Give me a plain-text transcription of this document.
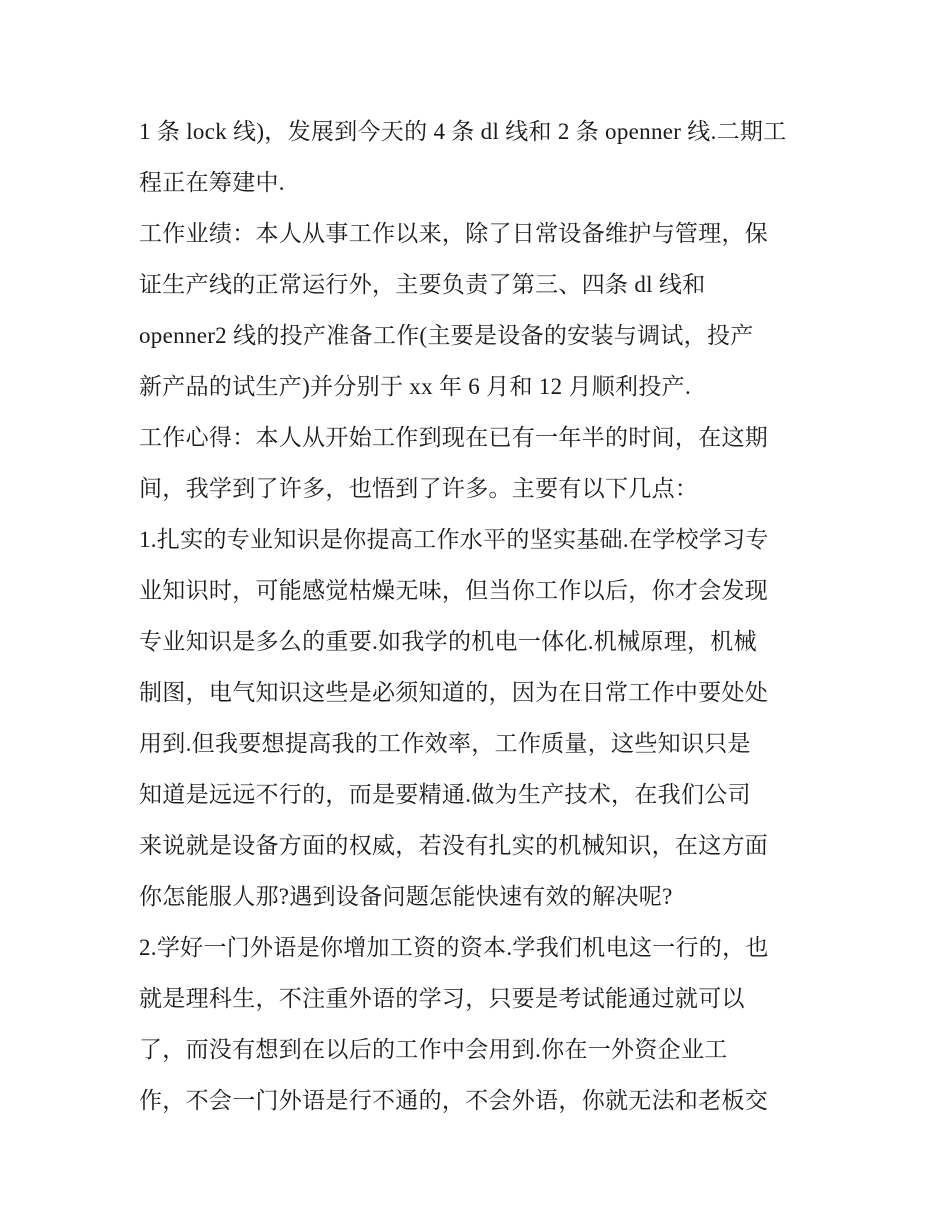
1 条 lock 线)，发展到今天的 4 条 dl 线和 2 条 openner 线.二期工
程正在筹建中.
工作业绩：本人从事工作以来，除了日常设备维护与管理，保
证生产线的正常运行外，主要负责了第三、四条 dl 线和
openner2 线的投产准备工作(主要是设备的安装与调试，投产
新产品的试生产)并分别于 xx 年 6 月和 12 月顺利投产.
工作心得：本人从开始工作到现在已有一年半的时间，在这期
间，我学到了许多，也悟到了许多。主要有以下几点：
1.扎实的专业知识是你提高工作水平的坚实基础.在学校学习专
业知识时，可能感觉枯燥无味，但当你工作以后，你才会发现
专业知识是多么的重要.如我学的机电一体化.机械原理，机械
制图，电气知识这些是必须知道的，因为在日常工作中要处处
用到.但我要想提高我的工作效率，工作质量，这些知识只是
知道是远远不行的，而是要精通.做为生产技术，在我们公司
来说就是设备方面的权威，若没有扎实的机械知识，在这方面
你怎能服人那?遇到设备问题怎能快速有效的解决呢?
2.学好一门外语是你增加工资的资本.学我们机电这一行的，也
就是理科生，不注重外语的学习，只要是考试能通过就可以
了，而没有想到在以后的工作中会用到.你在一外资企业工
作，不会一门外语是行不通的，不会外语，你就无法和老板交
